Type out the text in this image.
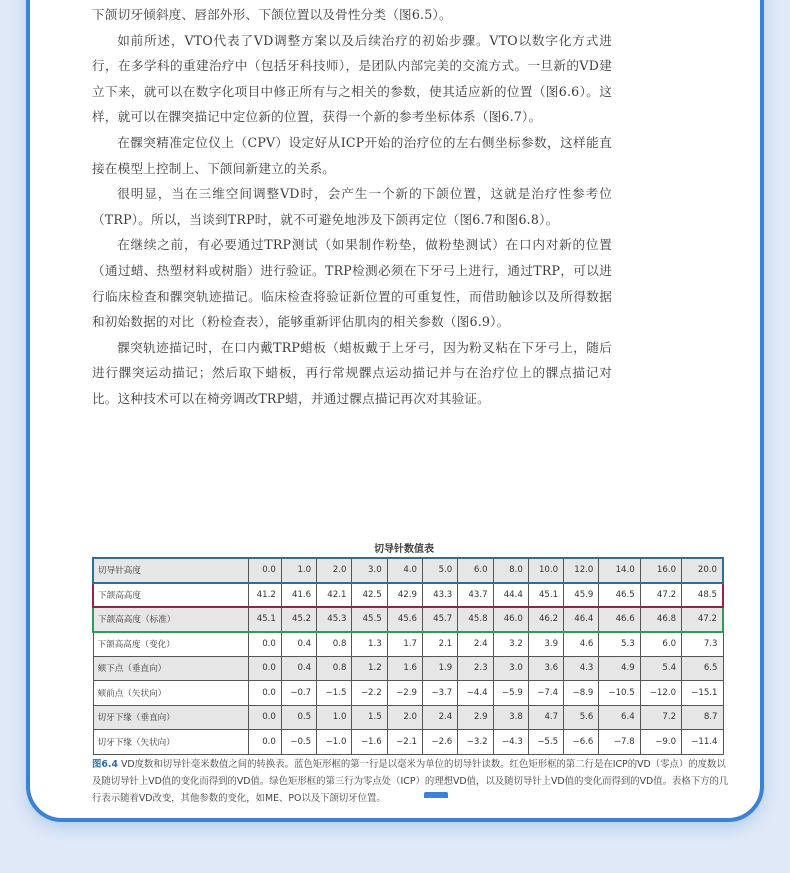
下颌切牙倾斜度、唇部外形、下颌位置以及骨性分类（图6.5）。

如前所述，VTO代表了VD调整方案以及后续治疗的初始步骤。VTO以数字化方式进行，在多学科的重建治疗中（包括牙科技师），是团队内部完美的交流方式。一旦新的VD建立下来，就可以在数字化项目中修正所有与之相关的参数，使其适应新的位置（图6.6）。这样，就可以在髁突描记中定位新的位置，获得一个新的参考坐标体系（图6.7）。

在髁突精准定位仪上（CPV）设定好从ICP开始的治疗位的左右侧坐标参数，这样能直接在模型上控制上、下颌间新建立的关系。

很明显，当在三维空间调整VD时，会产生一个新的下颌位置，这就是治疗性参考位（TRP）。所以，当谈到TRP时，就不可避免地涉及下颌再定位（图6.7和图6.8）。

在继续之前，有必要通过TRP测试（如果制作粉垫，做粉垫测试）在口内对新的位置（通过蜡、热塑材料或树脂）进行验证。TRP检测必须在下牙弓上进行，通过TRP，可以进行临床检查和髁突轨迹描记。临床检查将验证新位置的可重复性，而借助触诊以及所得数据和初始数据的对比（粉检查表），能够重新评估肌肉的相关参数（图6.9）。

髁突轨迹描记时，在口内戴TRP蜡板（蜡板戴于上牙弓，因为粉叉粘在下牙弓上，随后进行髁突运动描记；然后取下蜡板，再行常规髁点运动描记并与在治疗位上的髁点描记对比。这种技术可以在椅旁调改TRP蜡，并通过髁点描记再次对其验证。

切导针数值表
切导针高度	0.0	1.0	2.0	3.0	4.0	5.0	6.0	8.0	10.0	12.0	14.0	16.0	20.0
下颌高高度	41.2	41.6	42.1	42.5	42.9	43.3	43.7	44.4	45.1	45.9	46.5	47.2	48.5
下颌高高度（标准）	45.1	45.2	45.3	45.5	45.6	45.7	45.8	46.0	46.2	46.4	46.6	46.8	47.2
下颌高高度（变化）	0.0	0.4	0.8	1.3	1.7	2.1	2.4	3.2	3.9	4.6	5.3	6.0	7.3
颏下点（垂直向）	0.0	0.4	0.8	1.2	1.6	1.9	2.3	3.0	3.6	4.3	4.9	5.4	6.5
颏前点（矢状向）	0.0	−0.7	−1.5	−2.2	−2.9	−3.7	−4.4	−5.9	−7.4	−8.9	−10.5	−12.0	−15.1
切牙下缘（垂直向）	0.0	0.5	1.0	1.5	2.0	2.4	2.9	3.8	4.7	5.6	6.4	7.2	8.7
切牙下缘（矢状向）	0.0	−0.5	−1.0	−1.6	−2.1	−2.6	−3.2	−4.3	−5.5	−6.6	−7.8	−9.0	−11.4
图6.4 VD度数和切导针毫米数值之间的转换表。蓝色矩形框的第一行是以毫米为单位的切导针读数。红色矩形框的第二行是在ICP的VD（零点）的度数以及随切导针上VD值的变化而得到的VD值。绿色矩形框的第三行为零点处（ICP）的理想VD值，以及随切导针上VD值的变化而得到的VD值。表格下方的几行表示随着VD改变，其他参数的变化，如ME、PO以及下颌切牙位置。
